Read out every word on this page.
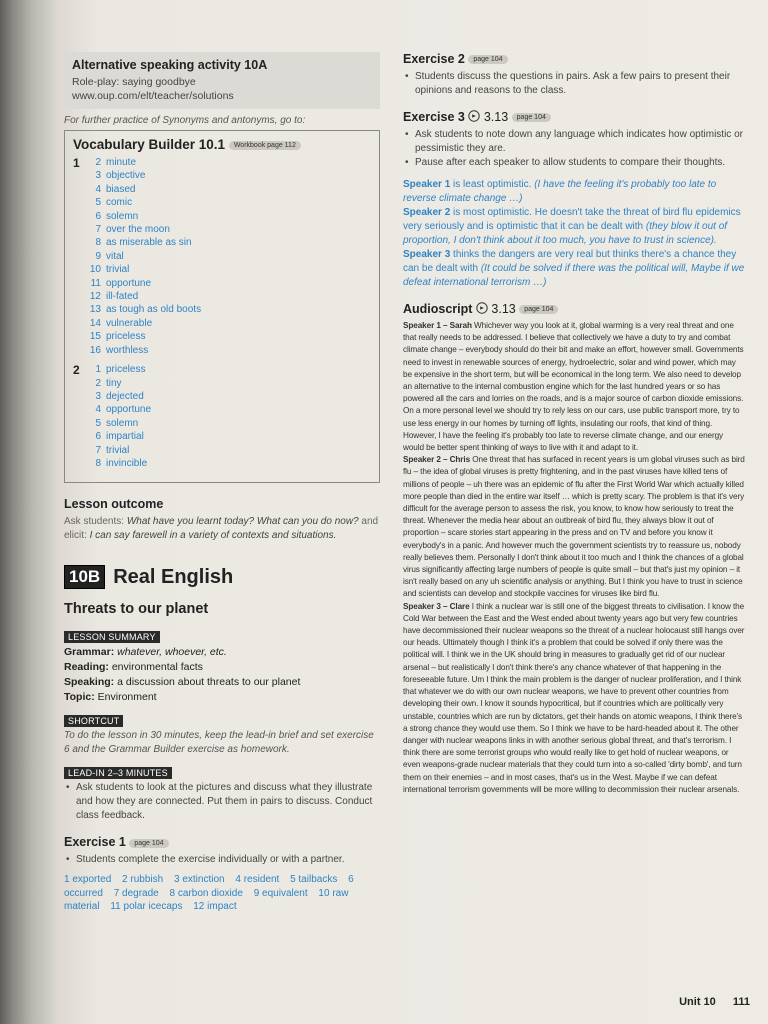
Alternative speaking activity 10A
Role-play: saying goodbye
www.oup.com/elt/teacher/solutions
For further practice of Synonyms and antonyms, go to:
Vocabulary Builder 10.1 Workbook page 112
1	2 minute
3 objective
4 biased
5 comic
6 solemn
7 over the moon
8 as miserable as sin
9 vital
10 trivial
11 opportune
12 ill-fated
13 as tough as old boots
14 vulnerable
15 priceless
16 worthless
2	1 priceless
2 tiny
3 dejected
4 opportune
5 solemn
6 impartial
7 trivial
8 invincible
Lesson outcome
Ask students: What have you learnt today? What can you do now? and elicit: I can say farewell in a variety of contexts and situations.
10B Real English
Threats to our planet
LESSON SUMMARY
Grammar: whatever, whoever, etc.
Reading: environmental facts
Speaking: a discussion about threats to our planet
Topic: Environment
SHORTCUT
To do the lesson in 30 minutes, keep the lead-in brief and set exercise 6 and the Grammar Builder exercise as homework.
LEAD-IN 2–3 MINUTES
• Ask students to look at the pictures and discuss what they illustrate and how they are connected. Put them in pairs to discuss. Conduct class feedback.
Exercise 1 page 104
• Students complete the exercise individually or with a partner.
1 exported 2 rubbish 3 extinction 4 resident 5 tailbacks 6 occurred 7 degrade 8 carbon dioxide 9 equivalent 10 raw material 11 polar icecaps 12 impact
Exercise 2 page 104
• Students discuss the questions in pairs. Ask a few pairs to present their opinions and reasons to the class.
Exercise 3 3.13 page 104
• Ask students to note down any language which indicates how optimistic or pessimistic they are.
• Pause after each speaker to allow students to compare their thoughts.
Speaker 1 is least optimistic. (I have the feeling it's probably too late to reverse climate change …)
Speaker 2 is most optimistic. He doesn't take the threat of bird flu epidemics very seriously and is optimistic that it can be dealt with (they blow it out of proportion, I don't think about it too much, you have to trust in science).
Speaker 3 thinks the dangers are very real but thinks there's a chance they can be dealt with (It could be solved if there was the political will, Maybe if we defeat international terrorism …)
Audioscript 3.13 page 104
Speaker 1 – Sarah Whichever way you look at it, global warming is a very real threat and one that really needs to be addressed. I believe that collectively we have a duty to try and combat climate change – everybody should do their bit and make an effort, however small. Governments need to invest in renewable sources of energy, hydroelectric, solar and wind power, which may be expensive in the short term, but will be economical in the long term. We also need to develop an alternative to the internal combustion engine which for the last hundred years or so has powered all the cars and lorries on the roads, and is a major source of carbon dioxide emissions. On a more personal level we should try to rely less on our cars, use public transport more, try to use less energy in our homes by turning off lights, insulating our roofs, that kind of thing. However, I have the feeling it's probably too late to reverse climate change, and our energy would be better spent thinking of ways to live with it and adapt to it.
Speaker 2 – Chris One threat that has surfaced in recent years is um global viruses such as bird flu – the idea of global viruses is pretty frightening, and in the past viruses have killed tens of millions of people – uh there was an epidemic of flu after the First World War which actually killed more people than died in the entire war itself … which is pretty scary. The problem is that it's very difficult for the average person to assess the risk, you know, to know how seriously to treat the threat. Whenever the media hear about an outbreak of bird flu, they always blow it out of proportion – scare stories start appearing in the press and on TV and before you know it everybody's in a panic. And however much the government scientists try to reassure us, nobody really believes them. Personally I don't think about it too much and I think the chances of a global virus significantly affecting large numbers of people is quite small – but that's just my opinion – it isn't really based on any uh scientific analysis or anything. But I think you have to trust in science and scientists can develop and stockpile vaccines for viruses like bird flu.
Speaker 3 – Clare I think a nuclear war is still one of the biggest threats to civilisation. I know the Cold War between the East and the West ended about twenty years ago but very few countries have decommissioned their nuclear weapons so the threat of a nuclear holocaust still hangs over our heads. Ultimately though I think it's a problem that could be solved if only there was the political will. I think we in the UK should bring in measures to gradually get rid of our nuclear arsenal – but realistically I don't think there's any chance whatever of that happening in the foreseeable future. Um I think the main problem is the danger of nuclear proliferation, and I think that whatever we do with our own nuclear weapons, we have to prevent other countries from developing their own. I know it sounds hypocritical, but if countries which are politically very unstable, countries which are run by dictators, get their hands on atomic weapons, I think there's a strong chance they would use them. So I think we have to be hard-headed about it. The other danger with nuclear weapons links in with another serious global threat, and that's terrorism. I think there are some terrorist groups who would really like to get hold of nuclear weapons, or even weapons-grade nuclear materials that they could turn into a so-called 'dirty bomb', and turn them on their enemies – and in most cases, that's us in the West. Maybe if we can defeat international terrorism governments will be more willing to decommission their nuclear arsenals.
Unit 10 111
